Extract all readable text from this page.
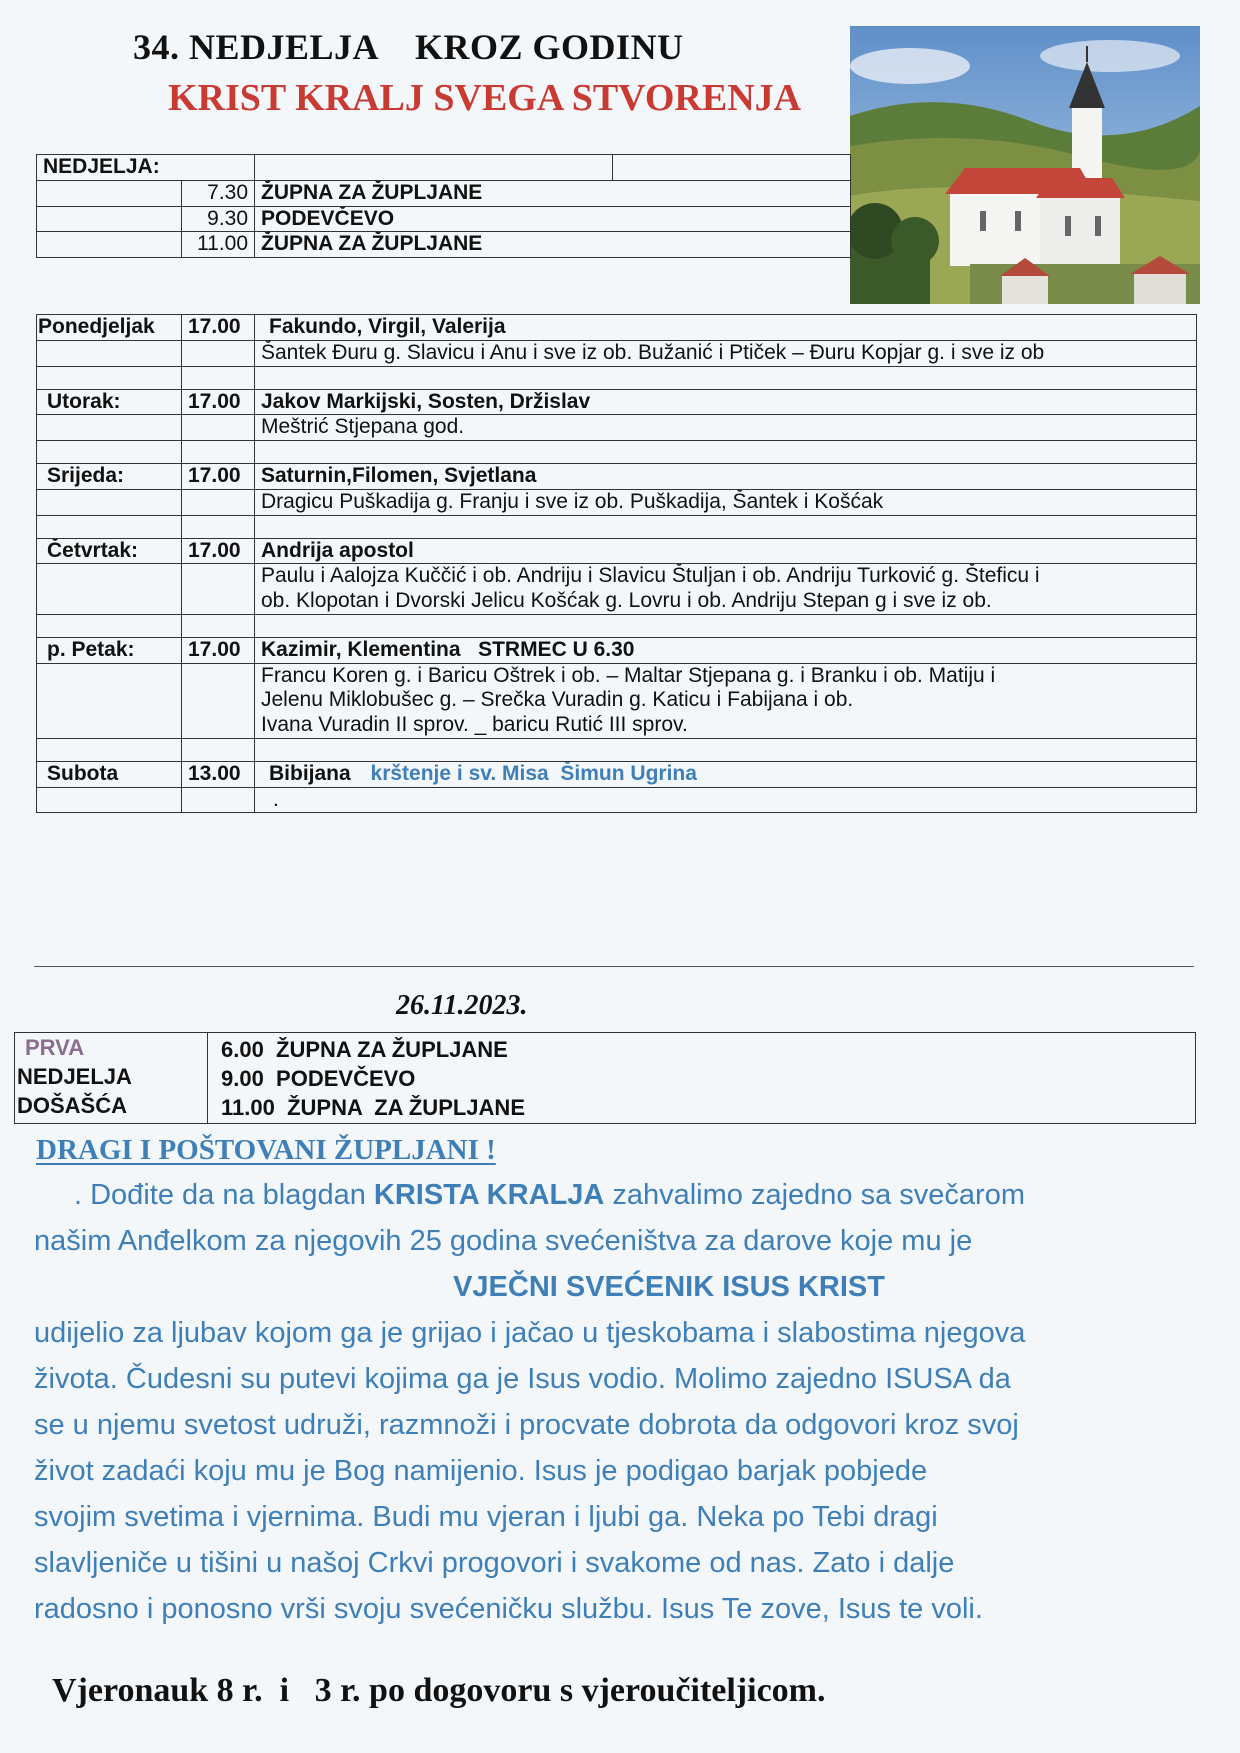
34. NEDJELJA    KROZ GODINU
KRIST KRALJ SVEGA STVORENJA
NEDJELJA:			
	7.30	ŽUPNA ZA ŽUPLJANE	
	9.30	PODEVČEVO	
	11.00	ŽUPNA ZA ŽUPLJANE	
Ponedjeljak	17.00	Fakundo, Virgil, Valerija
		Šantek Đuru g. Slavicu i Anu i sve iz ob. Bužanić i Ptiček – Đuru Kopjar g. i sve iz ob

Utorak:	17.00	Jakov Markijski, Sosten, Držislav
		Meštrić Stjepana god.

Srijeda:	17.00	Saturnin,Filomen, Svjetlana
		Dragicu Puškadija g. Franju i sve iz ob. Puškadija, Šantek i Košćak

Četvrtak:	17.00	Andrija apostol

		Paulu i Aalojza Kuččić i ob. Andriju i Slavicu Štuljan i ob. Andriju Turković g. Šteficu i
ob. Klopotan i Dvorski Jelicu Košćak g. Lovru i ob. Andriju Stepan g i sve iz ob.

p. Petak:	17.00	Kazimir, Klementina   STRMEC U 6.30

		Francu Koren g. i Baricu Oštrek i ob. – Maltar Stjepana g. i Branku i ob. Matiju i
Jelenu Miklobušec g. – Srečka Vuradin g. Katicu i Fabijana i ob.
Ivana Vuradin II sprov. _ baricu Rutić III sprov.

Subota	13.00	Bibijana krštenje i sv. Misa  Šimun Ugrina
		.
26.11.2023.
PRVA
NEDJELJA
DOŠAŠĆA
6.00  ŽUPNA ZA ŽUPLJANE
9.00  PODEVČEVO
11.00  ŽUPNA  ZA ŽUPLJANE
DRAGI I POŠTOVANI ŽUPLJANI !

. Dođite da na blagdan KRISTA KRALJA zahvalimo zajedno sa svečarom

našim Anđelkom za njegovih 25 godina svećeništva za darove koje mu je

VJEČNI SVEĆENIK ISUS KRIST

udijelio za ljubav kojom ga je grijao i jačao u tjeskobama i slabostima njegova

života. Čudesni su putevi kojima ga je Isus vodio. Molimo zajedno ISUSA da

se u njemu svetost udruži, razmnoži i procvate dobrota da odgovori kroz svoj

život zadaći koju mu je Bog namijenio. Isus je podigao barjak pobjede

svojim svetima i vjernima. Budi mu vjeran i ljubi ga. Neka po Tebi dragi

slavljeniče u tišini u našoj Crkvi progovori i svakome od nas. Zato i dalje

radosno i ponosno vrši svoju svećeničku službu. Isus Te zove, Isus te voli.

Vjeronauk 8 r.  i   3 r. po dogovoru s vjeroučiteljicom.
